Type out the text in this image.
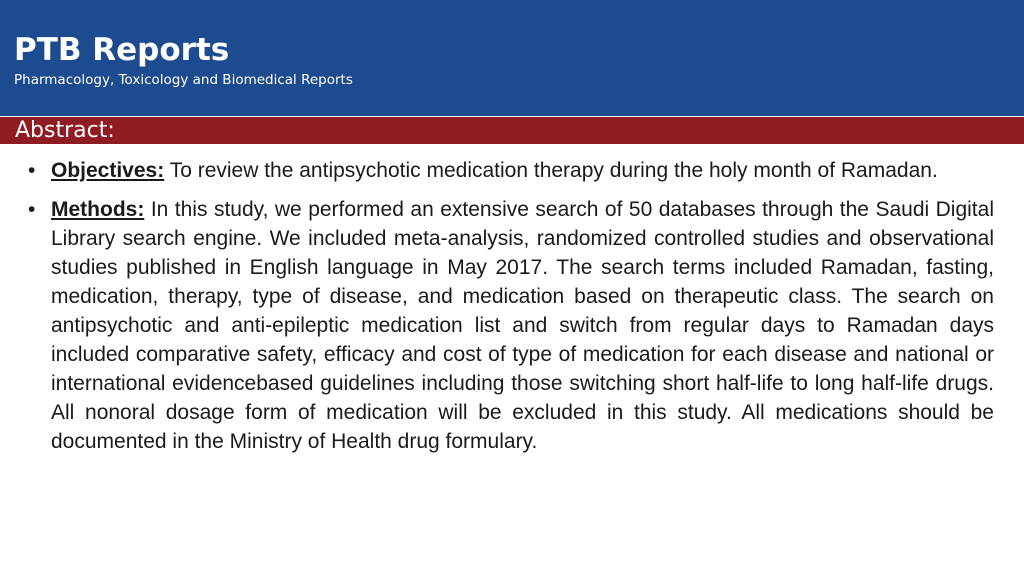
PTB Reports
Pharmacology, Toxicology and Biomedical Reports
Abstract:
• Objectives: To review the antipsychotic medication therapy during the holy month of Ramadan.
• Methods: In this study, we performed an extensive search of 50 databases through the Saudi Digital Library search engine. We included meta-analysis, randomized controlled studies and observational studies published in English language in May 2017. The search terms included Ramadan, fasting, medication, therapy, type of disease, and medication based on therapeutic class. The search on antipsychotic and anti-epileptic medication list and switch from regular days to Ramadan days included comparative safety, efficacy and cost of type of medication for each disease and national or international evidencebased guidelines including those switching short half-life to long half-life drugs. All nonoral dosage form of medication will be excluded in this study. All medications should be documented in the Ministry of Health drug formulary.
